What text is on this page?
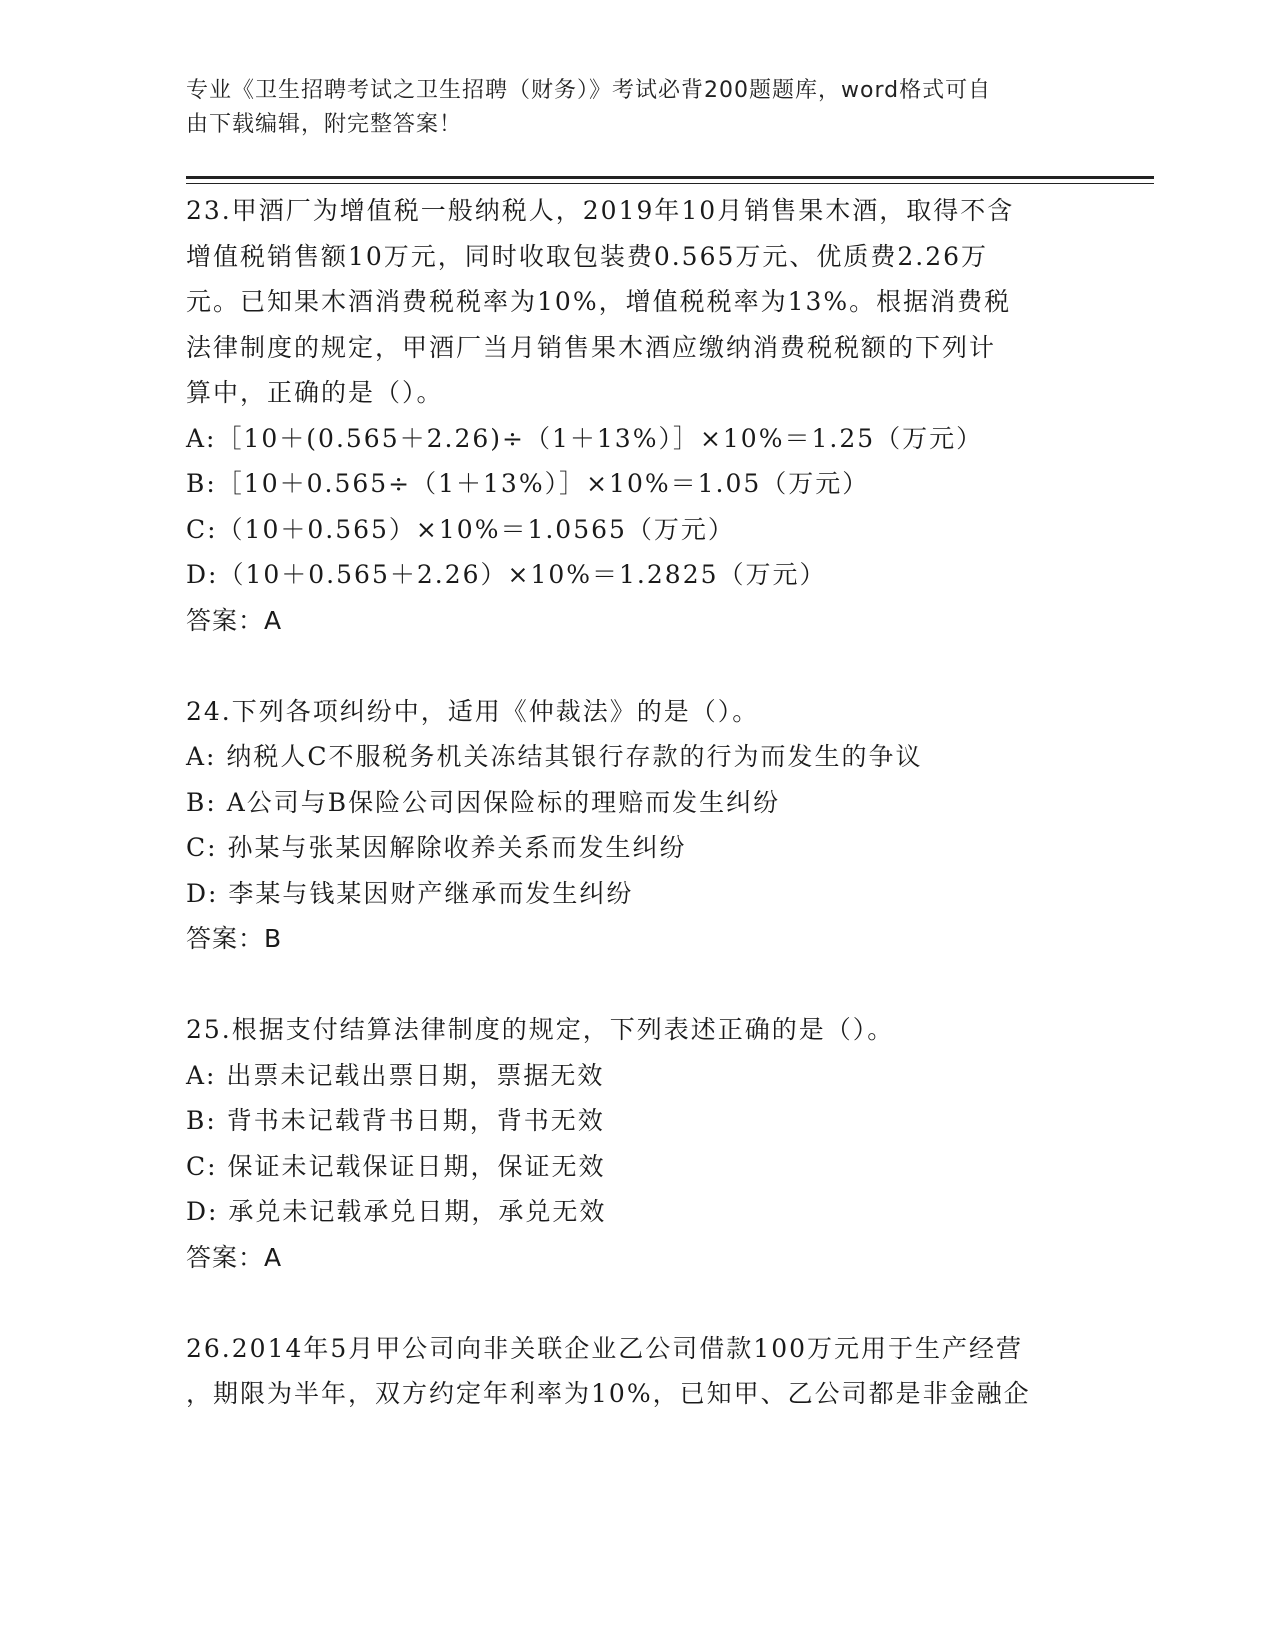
专业《卫生招聘考试之卫生招聘（财务）》考试必背200题题库，word格式可自
由下载编辑，附完整答案！
23.甲酒厂为增值税一般纳税人，2019年10月销售果木酒，取得不含
增值税销售额10万元，同时收取包装费0.565万元、优质费2.26万
元。已知果木酒消费税税率为10%，增值税税率为13%。根据消费税
法律制度的规定，甲酒厂当月销售果木酒应缴纳消费税税额的下列计
算中，正确的是（）。
A:［10＋(0.565＋2.26)÷（1＋13%）］×10%＝1.25（万元）
B:［10＋0.565÷（1＋13%）］×10%＝1.05（万元）
C:（10＋0.565）×10%＝1.0565（万元）
D:（10＋0.565＋2.26）×10%＝1.2825（万元）
答案：A
24.下列各项纠纷中，适用《仲裁法》的是（）。
A: 纳税人C不服税务机关冻结其银行存款的行为而发生的争议
B: A公司与B保险公司因保险标的理赔而发生纠纷
C: 孙某与张某因解除收养关系而发生纠纷
D: 李某与钱某因财产继承而发生纠纷
答案：B
25.根据支付结算法律制度的规定，下列表述正确的是（）。
A: 出票未记载出票日期，票据无效
B: 背书未记载背书日期，背书无效
C: 保证未记载保证日期，保证无效
D: 承兑未记载承兑日期，承兑无效
答案：A
26.2014年5月甲公司向非关联企业乙公司借款100万元用于生产经营
，期限为半年，双方约定年利率为10%，已知甲、乙公司都是非金融企
